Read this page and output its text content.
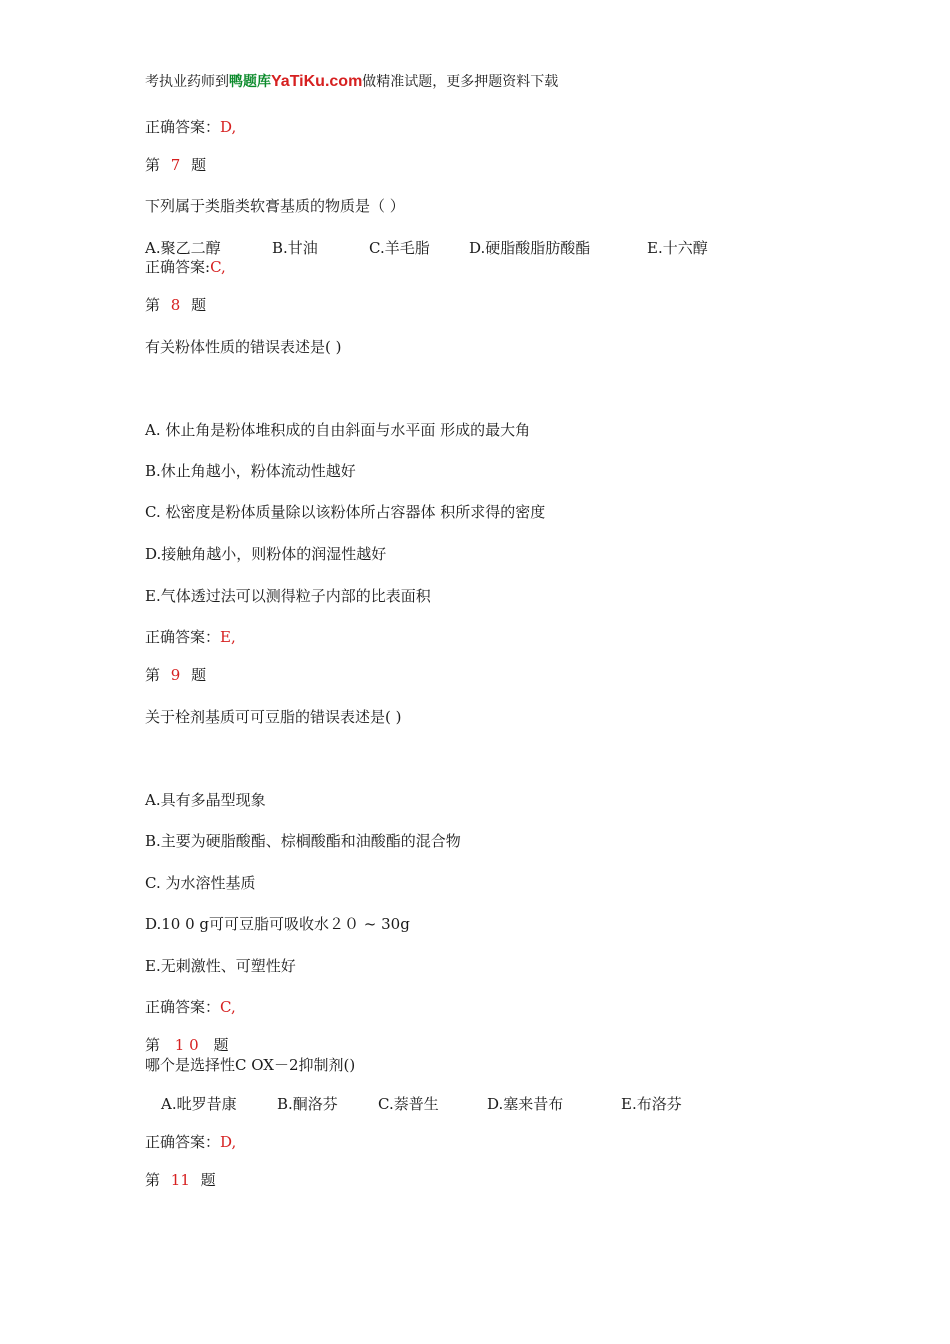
考执业药师到鸭题库YaTiKu.com做精准试题，更多押题资料下载
正确答案：D,
第 7 题
下列属于类脂类软膏基质的物质是（ ）
A.聚乙二醇	B.甘油	C.羊毛脂	D.硬脂酸脂肪酸酯	E.十六醇
正确答案:C,
第 8 题
有关粉体性质的错误表述是( )
A. 休止角是粉体堆积成的自由斜面与水平面 形成的最大角
B.休止角越小，粉体流动性越好
C. 松密度是粉体质量除以该粉体所占容器体 积所求得的密度
D.接触角越小，则粉体的润湿性越好
E.气体透过法可以测得粒子内部的比表面积
正确答案：E,
第 9 题
关于栓剂基质可可豆脂的错误表述是( )
A.具有多晶型现象
B.主要为硬脂酸酯、棕榈酸酯和油酸酯的混合物
C. 为水溶性基质
D.10 0 g可可豆脂可吸收水２０ ~ 30g
E.无刺激性、可塑性好
正确答案：C,
第 1 0 题
哪个是选择性C OX－2抑制剂()
A.吡罗昔康	B.酮洛芬	C.萘普生	D.塞来昔布	E.布洛芬
正确答案：D,
第 11 题
